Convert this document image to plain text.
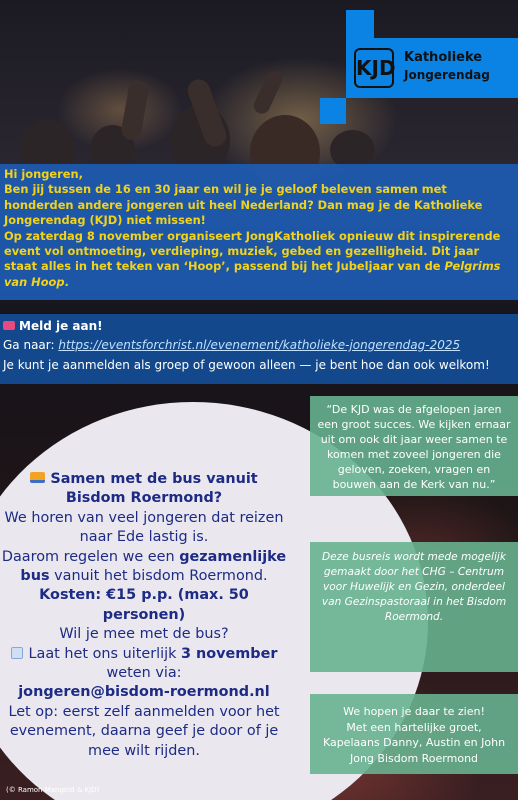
KJD Katholieke
Jongerendag

Hi jongeren,

Ben jij tussen de 16 en 30 jaar en wil je je geloof beleven samen met honderden andere jongeren uit heel Nederland? Dan mag je de Katholieke Jongerendag (KJD) niet missen!

Op zaterdag 8 november organiseert JongKatholiek opnieuw dit inspirerende event vol ontmoeting, verdieping, muziek, gebed en gezelligheid. Dit jaar staat alles in het teken van ‘Hoop’, passend bij het Jubeljaar van de Pelgrims van Hoop.

Meld je aan!
Ga naar: https://eventsforchrist.nl/evenement/katholieke-jongerendag-2025
Je kunt je aanmelden als groep of gewoon alleen — je bent hoe dan ook welkom!
Samen met de bus vanuit Bisdom Roermond?
We horen van veel jongeren dat reizen naar Ede lastig is.
Daarom regelen we een gezamenlijke bus vanuit het bisdom Roermond.
Kosten: €15 p.p. (max. 50 personen)
Wil je mee met de bus?
Laat het ons uiterlijk 3 november weten via:
jongeren@bisdom-roermond.nl
Let op: eerst zelf aanmelden voor het evenement, daarna geef je door of je mee wilt rijden.
“De KJD was de afgelopen jaren een groot succes. We kijken ernaar uit om ook dit jaar weer samen te komen met zoveel jongeren die geloven, zoeken, vragen en bouwen aan de Kerk van nu.”
Deze busreis wordt mede mogelijk gemaakt door het CHG – Centrum voor Huwelijk en Gezin, onderdeel van Gezinspastoraal in het Bisdom Roermond.
We hopen je daar te zien!
Met een hartelijke groet,
Kapelaans Danny, Austin en John
Jong Bisdom Roermond
(© Ramon Mangold & KJD)
